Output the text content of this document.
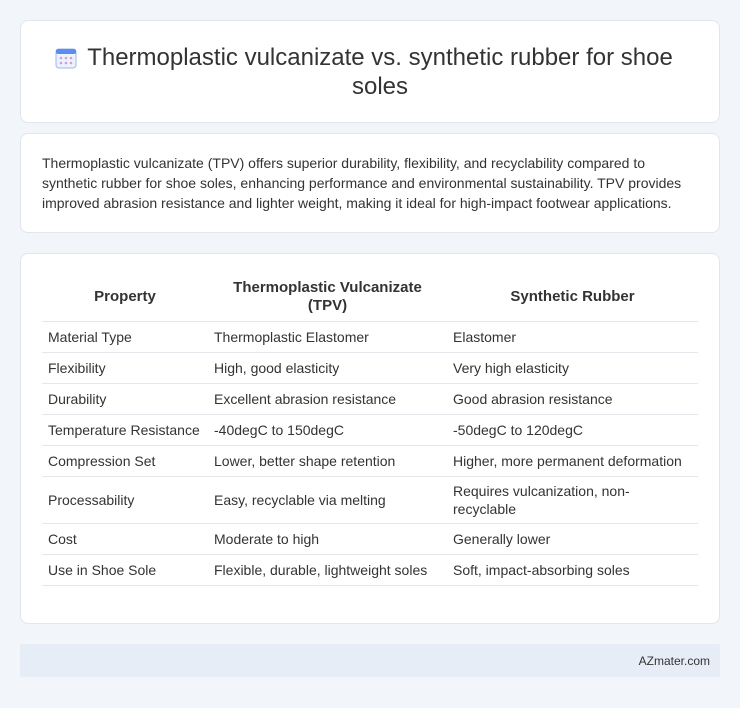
Thermoplastic vulcanizate vs. synthetic rubber for shoe soles

Thermoplastic vulcanizate (TPV) offers superior durability, flexibility, and recyclability compared to synthetic rubber for shoe soles, enhancing performance and environmental sustainability. TPV provides improved abrasion resistance and lighter weight, making it ideal for high-impact footwear applications.

Property	Thermoplastic Vulcanizate (TPV)	Synthetic Rubber
Material Type	Thermoplastic Elastomer	Elastomer
Flexibility	High, good elasticity	Very high elasticity
Durability	Excellent abrasion resistance	Good abrasion resistance
Temperature Resistance	-40degC to 150degC	-50degC to 120degC
Compression Set	Lower, better shape retention	Higher, more permanent deformation
Processability	Easy, recyclable via melting	Requires vulcanization, non-recyclable
Cost	Moderate to high	Generally lower
Use in Shoe Sole	Flexible, durable, lightweight soles	Soft, impact-absorbing soles
AZmater.com
